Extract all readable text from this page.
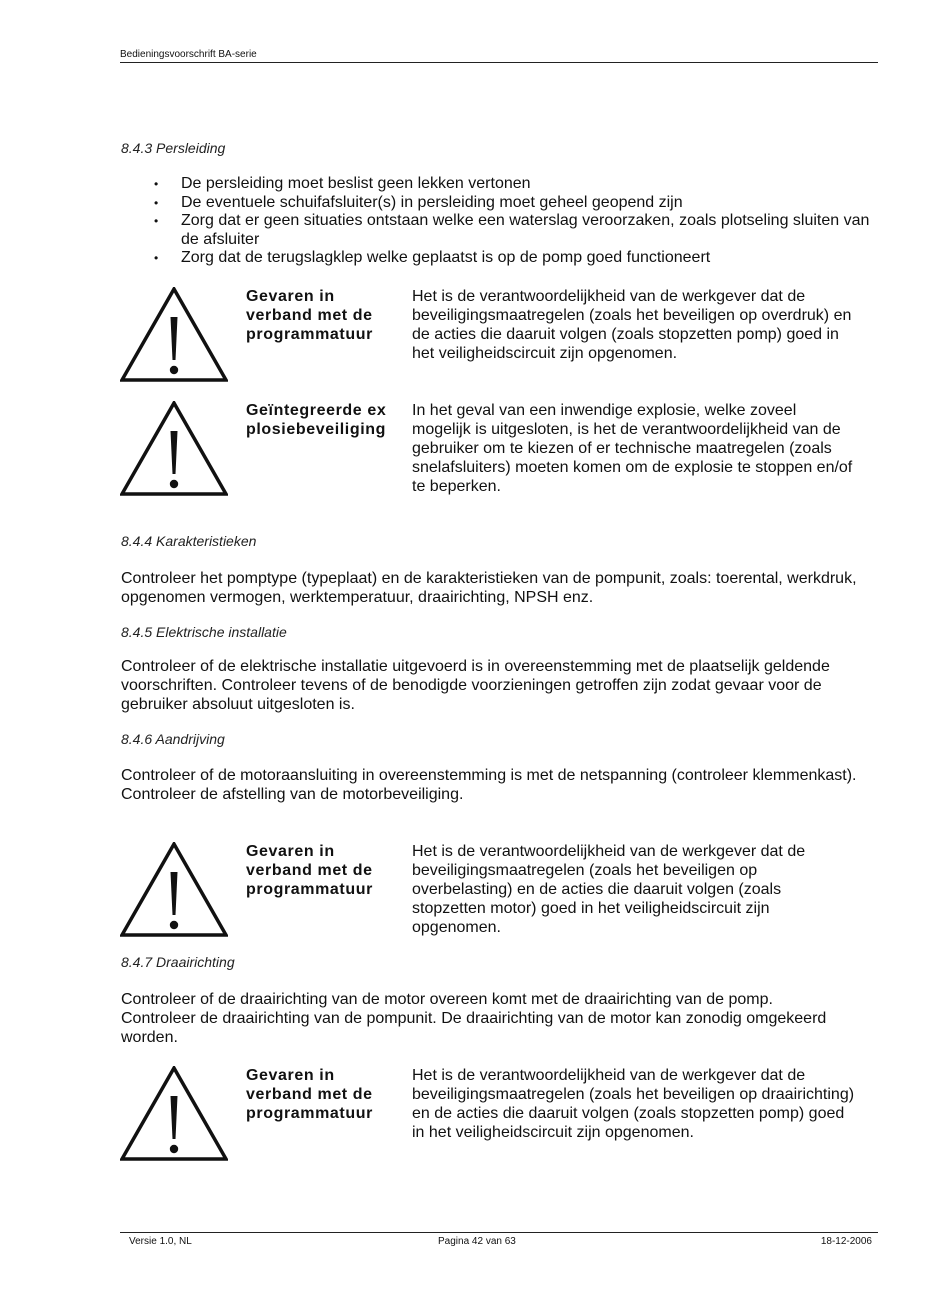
Bedieningsvoorschrift BA-serie
8.4.3 Persleiding
• De persleiding moet beslist geen lekken vertonen
• De eventuele schuifafsluiter(s) in persleiding moet geheel geopend zijn
• Zorg dat er geen situaties ontstaan welke een waterslag veroorzaken, zoals plotseling sluiten van de afsluiter
• Zorg dat de terugslagklep welke geplaatst is op de pomp goed functioneert
Gevaren in verband met de programmatuur
Het is de verantwoordelijkheid van de werkgever dat de beveiligingsmaatregelen (zoals het beveiligen op overdruk) en de acties die daaruit volgen (zoals stopzetten pomp) goed in het veiligheidscircuit zijn opgenomen.
Geïntegreerde explosiebeveiliging
In het geval van een inwendige explosie, welke zoveel mogelijk is uitgesloten, is het de verantwoordelijkheid van de gebruiker om te kiezen of er technische maatregelen (zoals snelafsluiters) moeten komen om de explosie te stoppen en/of te beperken.
8.4.4 Karakteristieken
Controleer het pomptype (typeplaat) en de karakteristieken van de pompunit, zoals: toerental, werkdruk, opgenomen vermogen, werktemperatuur, draairichting, NPSH enz.
8.4.5 Elektrische installatie
Controleer of de elektrische installatie uitgevoerd is in overeenstemming met de plaatselijk geldende voorschriften. Controleer tevens of de benodigde voorzieningen getroffen zijn zodat gevaar voor de gebruiker absoluut uitgesloten is.
8.4.6 Aandrijving

Controleer of de motoraansluiting in overeenstemming is met de netspanning (controleer klemmenkast).

Controleer de afstelling van de motorbeveiliging.

Gevaren in verband met de programmatuur
Het is de verantwoordelijkheid van de werkgever dat de beveiligingsmaatregelen (zoals het beveiligen op overbelasting) en de acties die daaruit volgen (zoals stopzetten motor) goed in het veiligheidscircuit zijn opgenomen.
8.4.7 Draairichting

Controleer of de draairichting van de motor overeen komt met de draairichting van de pomp.

Controleer de draairichting van de pompunit. De draairichting van de motor kan zonodig omgekeerd worden.

Gevaren in verband met de programmatuur
Het is de verantwoordelijkheid van de werkgever dat de beveiligingsmaatregelen (zoals het beveiligen op draairichting) en de acties die daaruit volgen (zoals stopzetten pomp) goed in het veiligheidscircuit zijn opgenomen.
Versie 1.0, NL	Pagina 42 van 63	18-12-2006
